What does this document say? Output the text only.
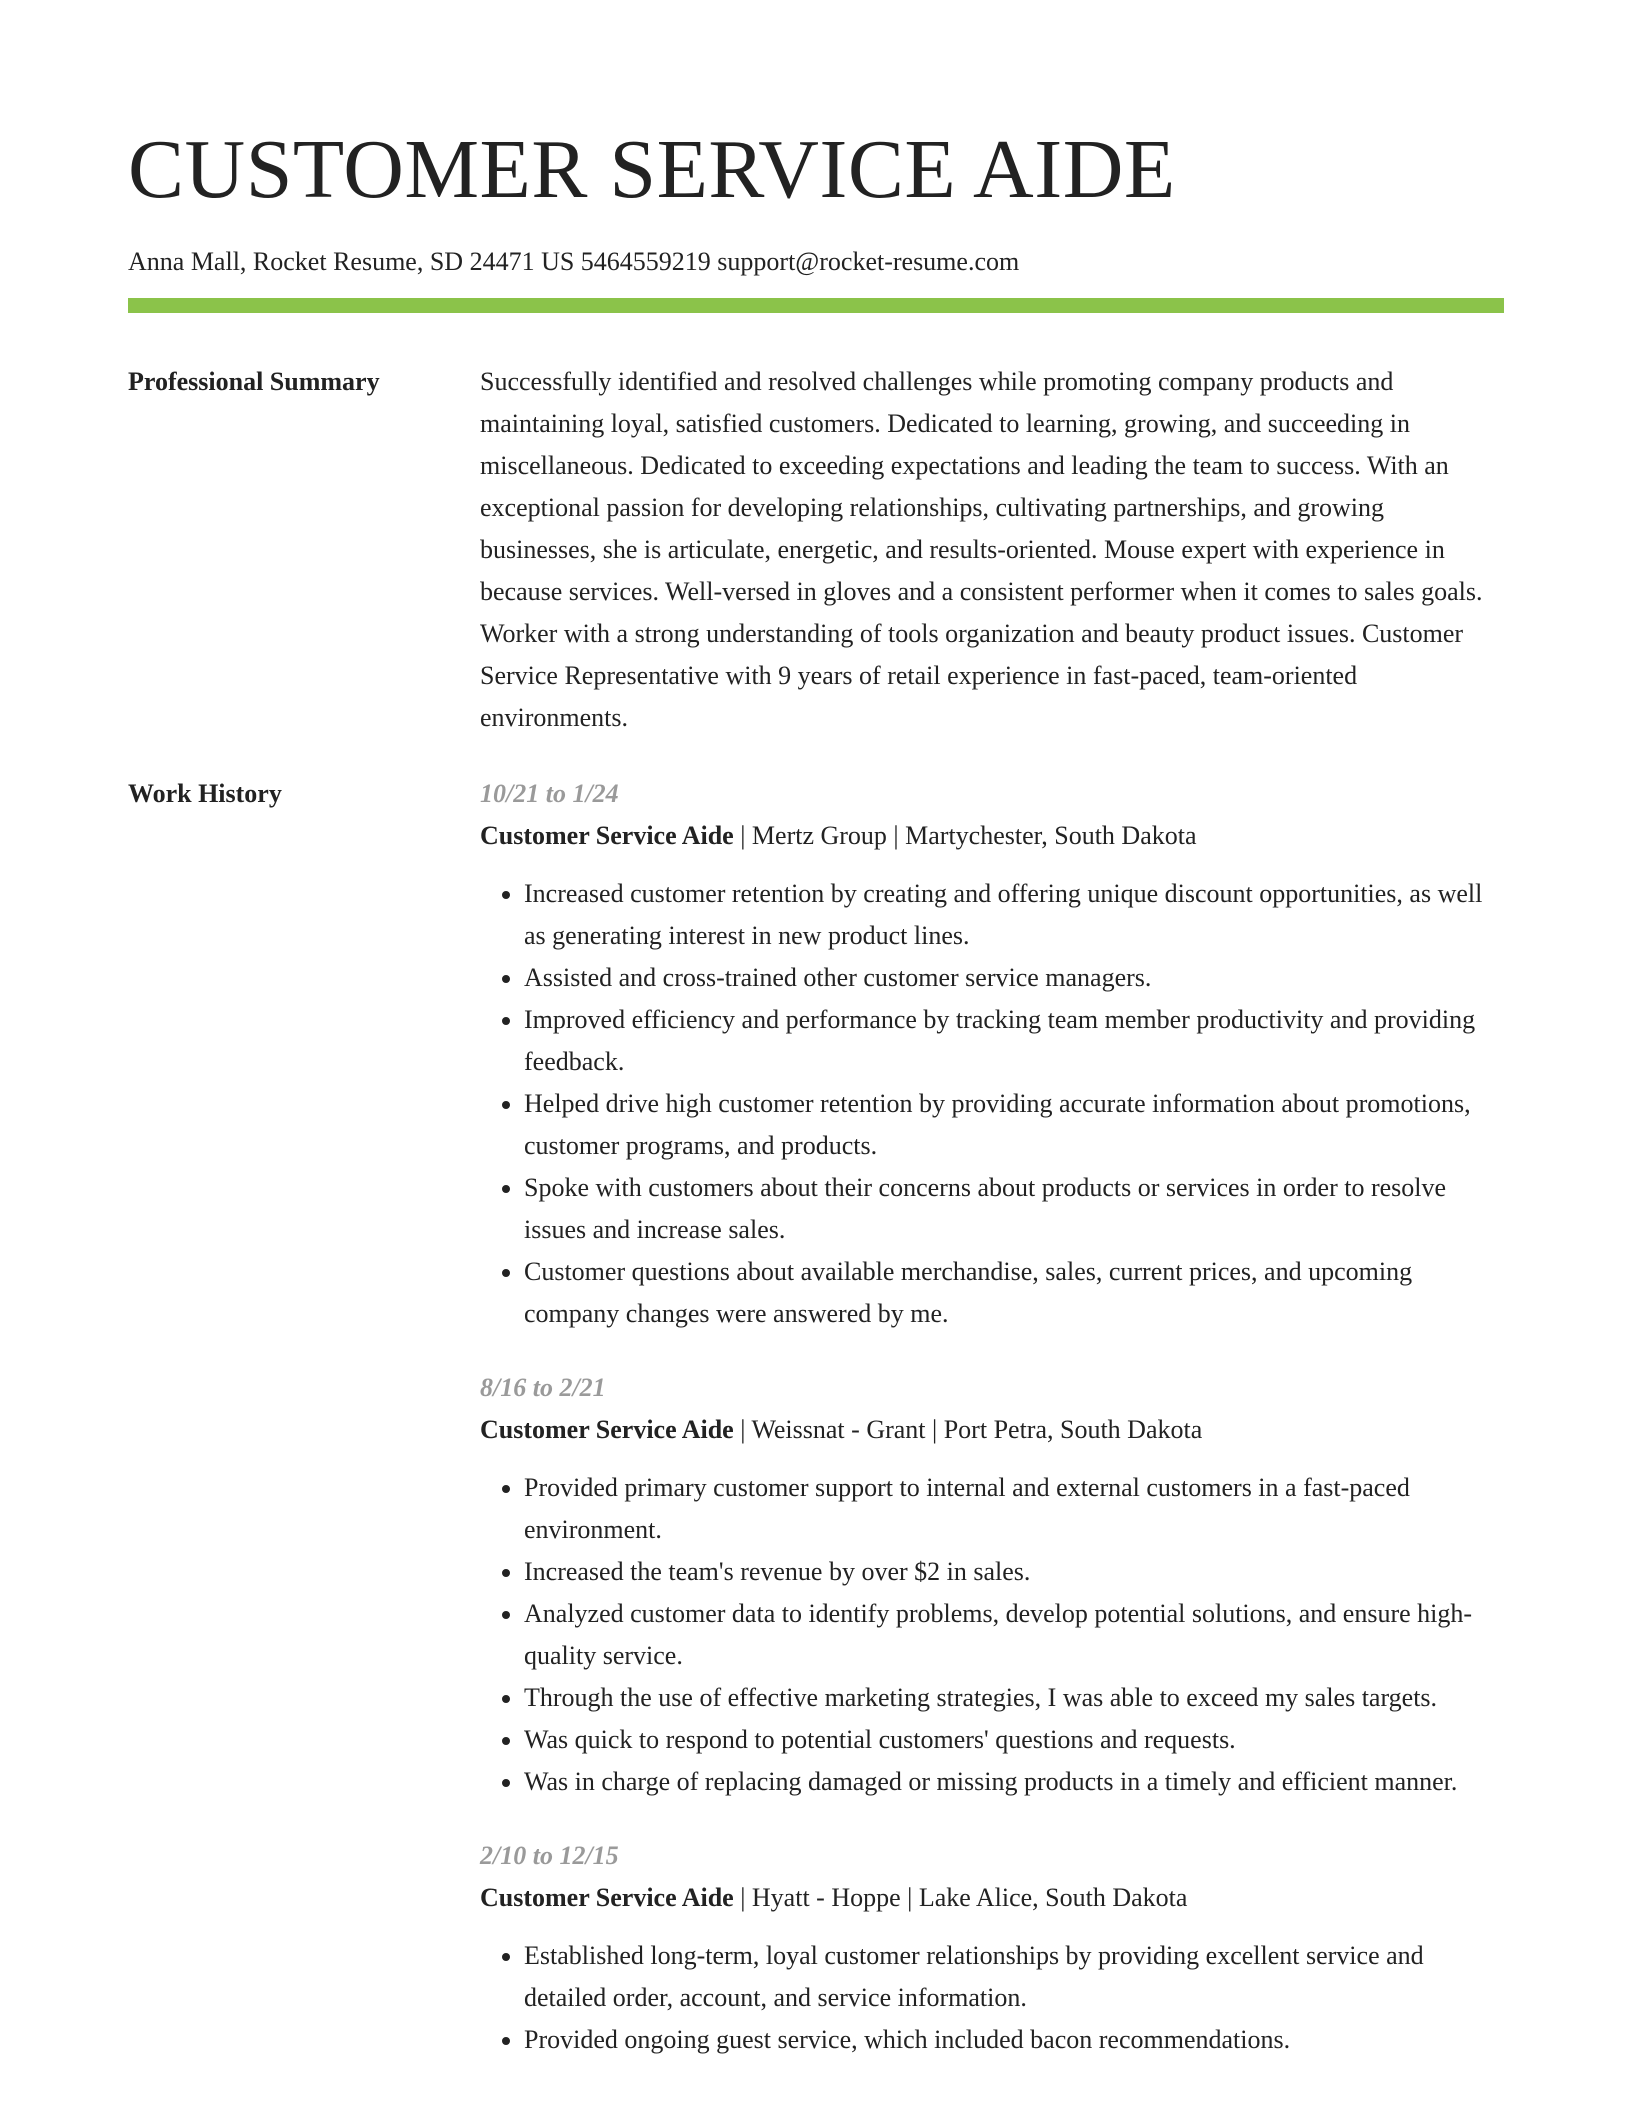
CUSTOMER SERVICE AIDE
Anna Mall, Rocket Resume, SD 24471 US 5464559219 support@rocket-resume.com
Professional Summary	Successfully identified and resolved challenges while promoting company products and maintaining loyal, satisfied customers. Dedicated to learning, growing, and succeeding in miscellaneous. Dedicated to exceeding expectations and leading the team to success. With an exceptional passion for developing relationships, cultivating partnerships, and growing businesses, she is articulate, energetic, and results-oriented. Mouse expert with experience in because services. Well-versed in gloves and a consistent performer when it comes to sales goals. Worker with a strong understanding of tools organization and beauty product issues. Customer Service Representative with 9 years of retail experience in fast-paced, team-oriented environments.
Work History	10/21 to 1/24
Customer Service Aide | Mertz Group | Martychester, South Dakota
• Increased customer retention by creating and offering unique discount opportunities, as well as generating interest in new product lines.
• Assisted and cross-trained other customer service managers.
• Improved efficiency and performance by tracking team member productivity and providing feedback.
• Helped drive high customer retention by providing accurate information about promotions, customer programs, and products.
• Spoke with customers about their concerns about products or services in order to resolve issues and increase sales.
• Customer questions about available merchandise, sales, current prices, and upcoming company changes were answered by me.
8/16 to 2/21
Customer Service Aide | Weissnat - Grant | Port Petra, South Dakota
• Provided primary customer support to internal and external customers in a fast-paced environment.
• Increased the team's revenue by over $2 in sales.
• Analyzed customer data to identify problems, develop potential solutions, and ensure high-quality service.
• Through the use of effective marketing strategies, I was able to exceed my sales targets.
• Was quick to respond to potential customers' questions and requests.
• Was in charge of replacing damaged or missing products in a timely and efficient manner.
2/10 to 12/15
Customer Service Aide | Hyatt - Hoppe | Lake Alice, South Dakota
• Established long-term, loyal customer relationships by providing excellent service and detailed order, account, and service information.
• Provided ongoing guest service, which included bacon recommendations.
